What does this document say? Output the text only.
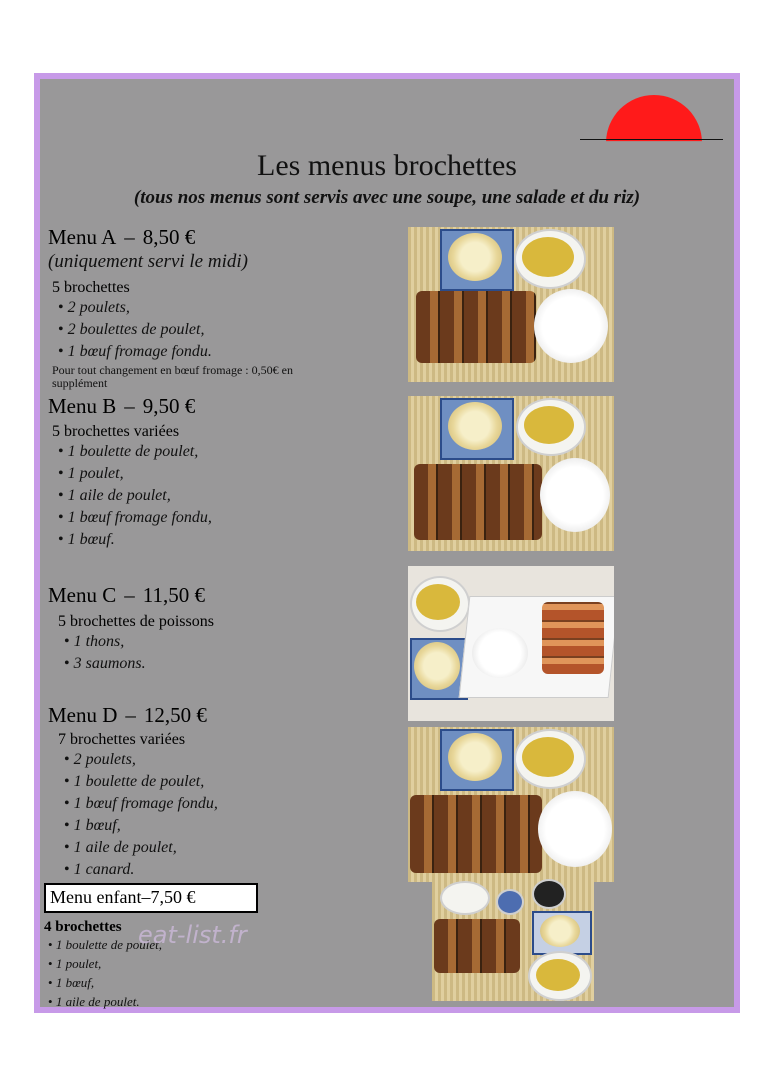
Les menus brochettes
(tous nos menus sont servis avec une soupe, une salade et du riz)
Menu A – 8,50 €
(uniquement servi le midi)
5 brochettes
• 2 poulets,
• 2 boulettes de poulet,
• 1 bœuf fromage fondu.
Pour tout changement en bœuf fromage : 0,50€ en supplément
Menu B – 9,50 €
5 brochettes variées
• 1 boulette de poulet,
• 1 poulet,
• 1 aile de poulet,
• 1 bœuf fromage fondu,
• 1 bœuf.
Menu C – 11,50 €
5 brochettes de poissons
• 1 thons,
• 3 saumons.
Menu D – 12,50 €
7 brochettes variées
• 2 poulets,
• 1 boulette de poulet,
• 1 bœuf fromage fondu,
• 1 bœuf,
• 1 aile de poulet,
• 1 canard.
Menu enfant–7,50 €
4 brochettes
• 1 boulette de poulet,
• 1 poulet,
• 1 bœuf,
• 1 aile de poulet.
eat-list.fr
